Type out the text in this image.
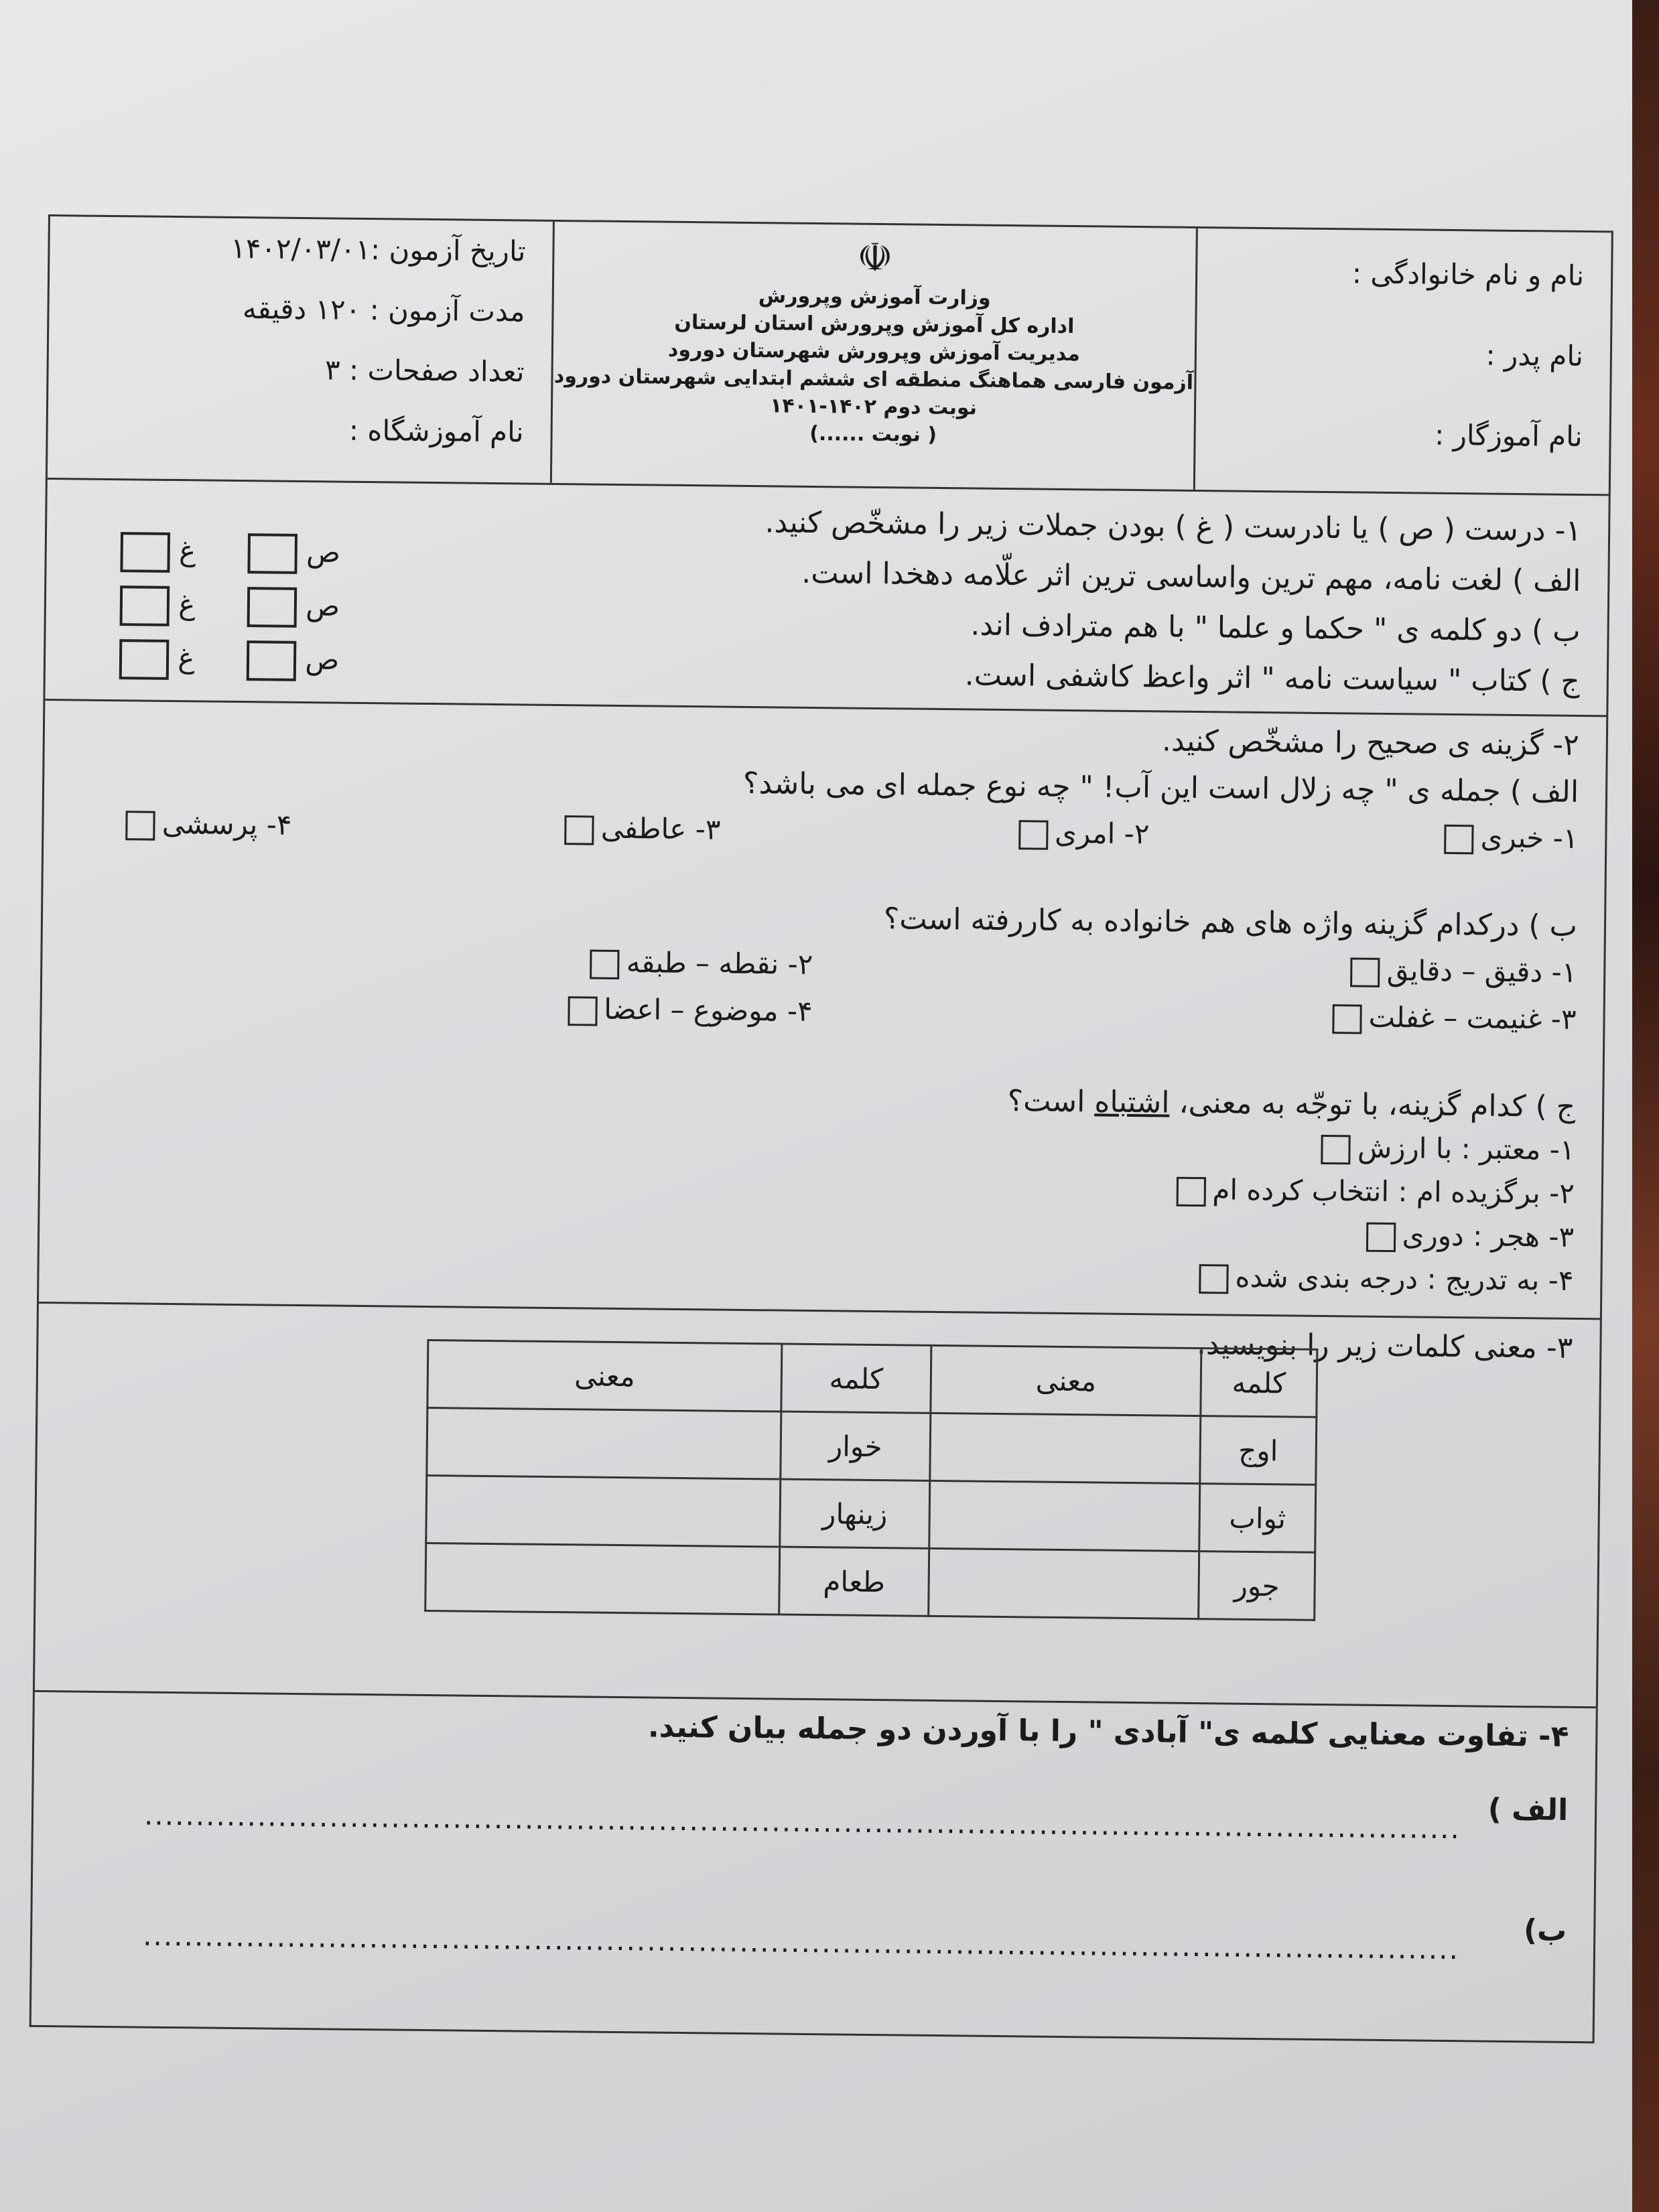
نام و نام خانوادگی :
نام پدر :
نام آموزگار :
☫
وزارت آموزش وپرورش
اداره کل آموزش وپرورش استان لرستان
مدیریت آموزش وپرورش شهرستان دورود
آزمون فارسی هماهنگ منطقه ای ششم ابتدایی شهرستان دورود
نوبت دوم ۱۴۰۲-۱۴۰۱
( نوبت ......)
تاریخ آزمون :۱۴۰۲/۰۳/۰۱
مدت آزمون : ۱۲۰ دقیقه
تعداد صفحات : ۳
نام آموزشگاه :
۱- درست ( ص ) یا نادرست ( غ ) بودن جملات زیر را مشخّص کنید.
الف ) لغت نامه، مهم ترین واساسی ترین اثر علّامه دهخدا است.
ب ) دو کلمه ی " حکما و علما " با هم مترادف اند.
ج ) کتاب " سیاست نامه " اثر واعظ کاشفی است.
ص
ص
ص
غ
غ
غ
۲- گزینه ی صحیح را مشخّص کنید.
الف ) جمله ی " چه زلال است این آب! " چه نوع جمله ای می باشد؟
۱- خبری
۲- امری
۳- عاطفی
۴- پرسشی
ب ) درکدام گزینه واژه های هم خانواده به کاررفته است؟
۱- دقیق – دقایق
۲- نقطه – طبقه
۳- غنیمت – غفلت
۴- موضوع – اعضا
ج ) کدام گزینه، با توجّه به معنی، اشتباه است؟
۱- معتبر : با ارزش
۲- برگزیده ام : انتخاب کرده ام
۳- هجر : دوری
۴- به تدریج : درجه بندی شده
۳- معنی کلمات زیر را بنویسید.
کلمه	معنی	کلمه	معنی
اوج		خوار	
ثواب		زینهار	
جور		طعام	
۴- تفاوت معنایی کلمه ی" آبادی " را با آوردن دو جمله بیان کنید.
الف )
................................................................................................................................
ب)
................................................................................................................................
